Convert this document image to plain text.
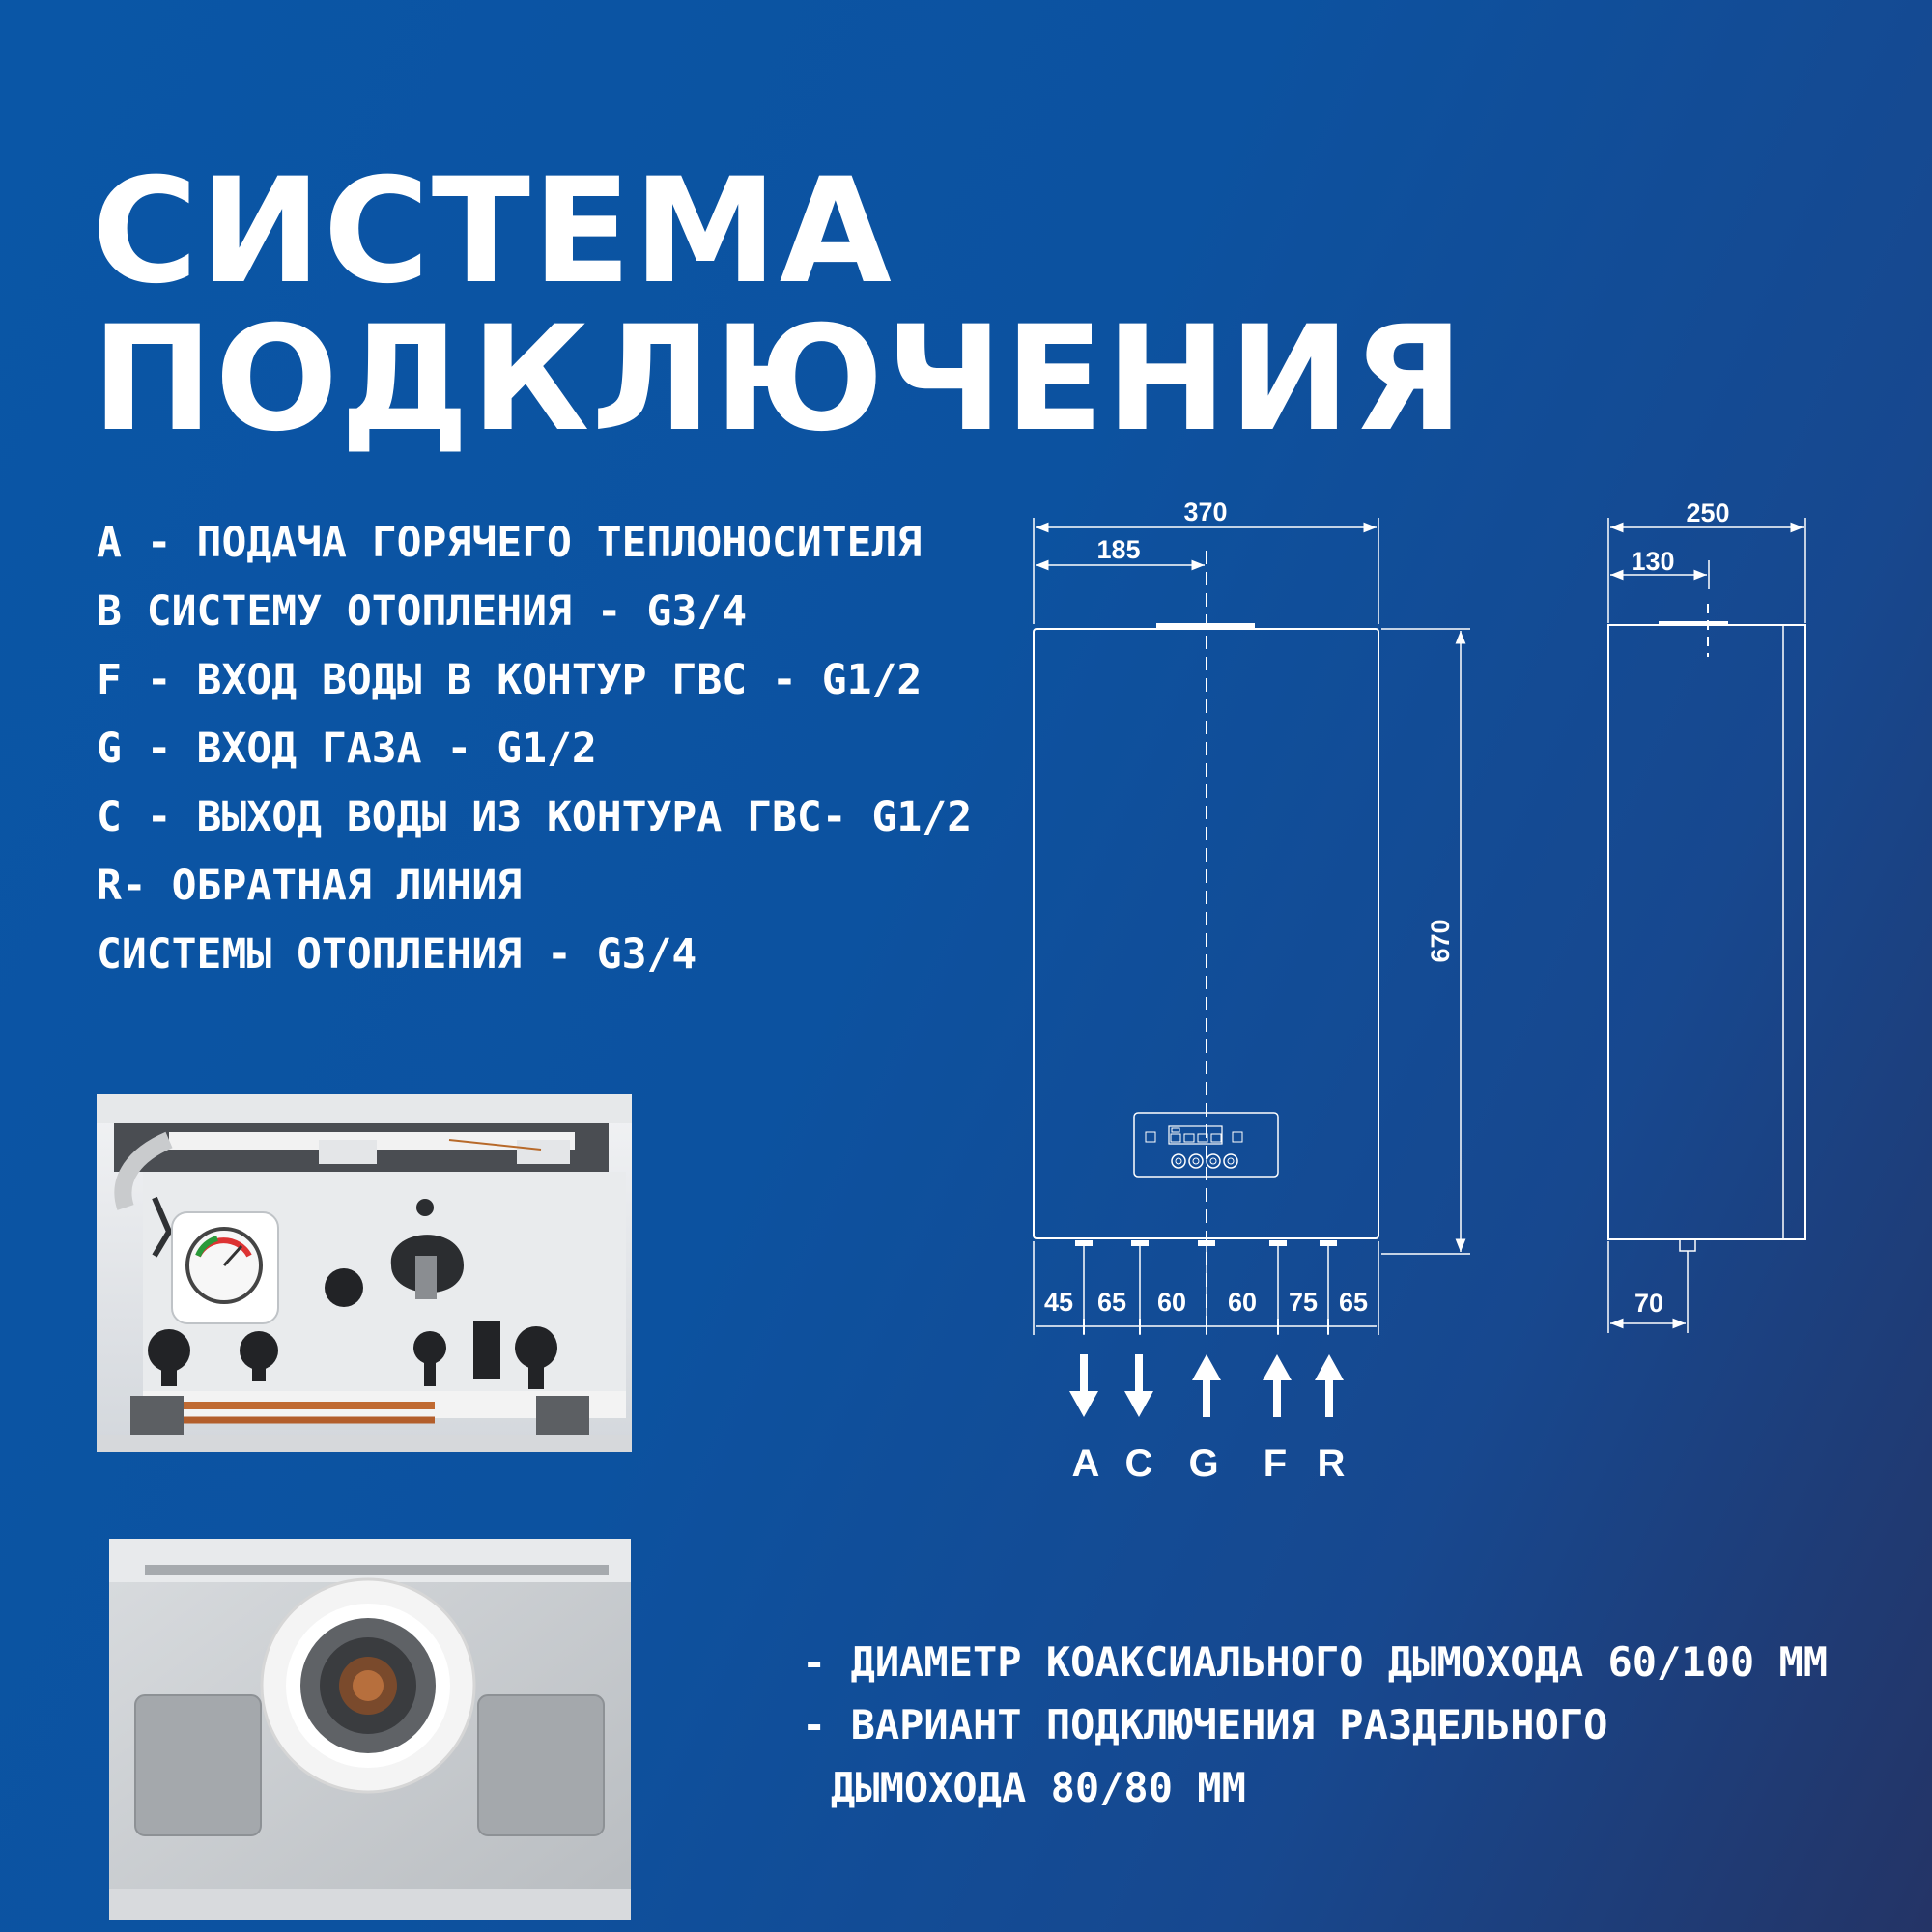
СИСТЕМА
ПОДКЛЮЧЕНИЯ
A - ПОДАЧА ГОРЯЧЕГО ТЕПЛОНОСИТЕЛЯ
В СИСТЕМУ ОТОПЛЕНИЯ - G3/4
F - ВХОД ВОДЫ В КОНТУР ГВС - G1/2
G - ВХОД ГАЗА - G1/2
C - ВЫХОД ВОДЫ ИЗ КОНТУРА ГВС- G1/2
R- ОБРАТНАЯ ЛИНИЯ
СИСТЕМЫ ОТОПЛЕНИЯ - G3/4
370
185
670
45 65 60 60 75 65
A C G F R
250
130
70
- ДИАМЕТР КОАКСИАЛЬНОГО ДЫМОХОДА 60/100 ММ
- ВАРИАНТ ПОДКЛЮЧЕНИЯ РАЗДЕЛЬНОГО
ДЫМОХОДА 80/80 ММ
